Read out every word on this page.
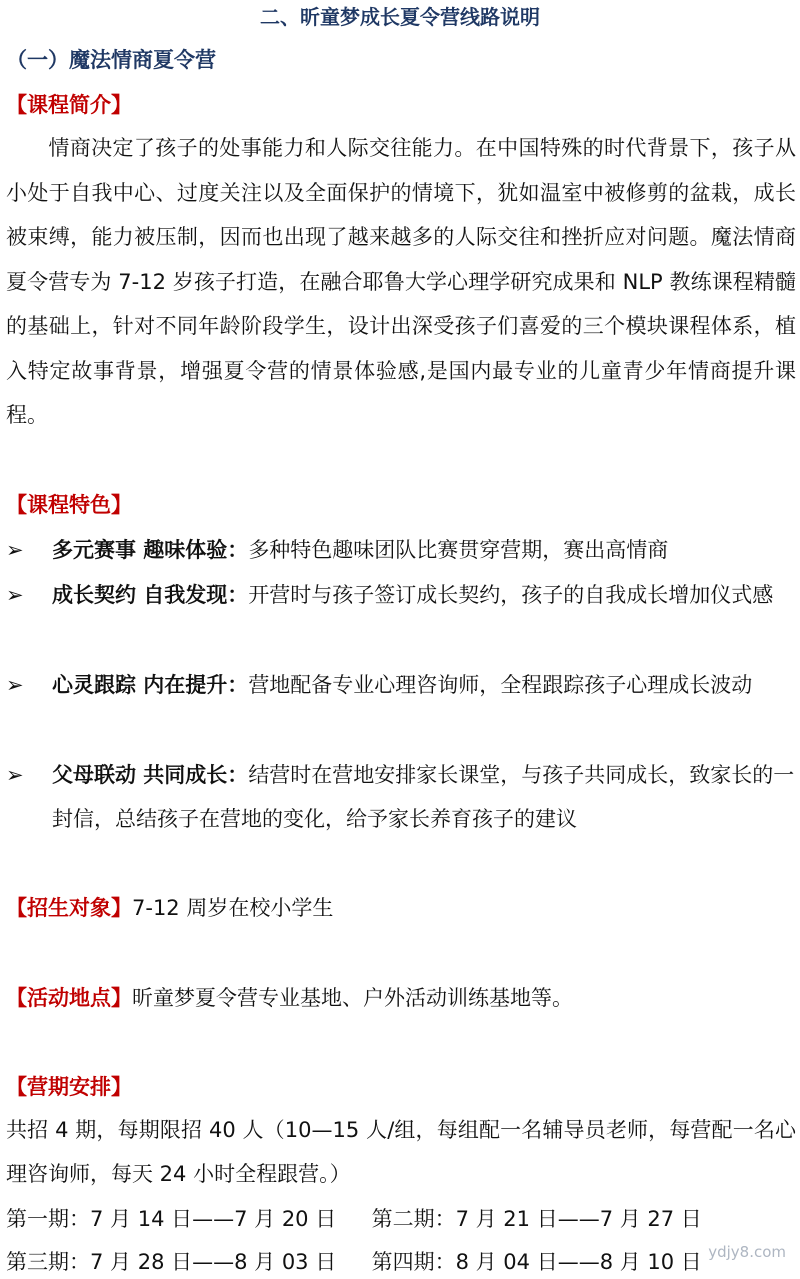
二、昕童梦成长夏令营线路说明
（一）魔法情商夏令营
【课程简介】
情商决定了孩子的处事能力和人际交往能力。在中国特殊的时代背景下，孩子从小处于自我中心、过度关注以及全面保护的情境下，犹如温室中被修剪的盆栽，成长被束缚，能力被压制，因而也出现了越来越多的人际交往和挫折应对问题。魔法情商夏令营专为 7-12 岁孩子打造，在融合耶鲁大学心理学研究成果和 NLP 教练课程精髓的基础上，针对不同年龄阶段学生，设计出深受孩子们喜爱的三个模块课程体系，植入特定故事背景，增强夏令营的情景体验感,是国内最专业的儿童青少年情商提升课程。
【课程特色】
➢	多元赛事 趣味体验：多种特色趣味团队比赛贯穿营期，赛出高情商
➢	成长契约 自我发现：开营时与孩子签订成长契约，孩子的自我成长增加仪式感
➢	心灵跟踪 内在提升：营地配备专业心理咨询师，全程跟踪孩子心理成长波动
➢	父母联动 共同成长：结营时在营地安排家长课堂，与孩子共同成长，致家长的一封信，总结孩子在营地的变化，给予家长养育孩子的建议
【招生对象】7-12 周岁在校小学生
【活动地点】昕童梦夏令营专业基地、户外活动训练基地等。
【营期安排】
共招 4 期，每期限招 40 人（10—15 人/组，每组配一名辅导员老师，每营配一名心理咨询师，每天 24 小时全程跟营。）
第一期：7 月 14 日——7 月 20 日 第二期：7 月 21 日——7 月 27 日
第三期：7 月 28 日——8 月 03 日 第四期：8 月 04 日——8 月 10 日 ydjy8.com
